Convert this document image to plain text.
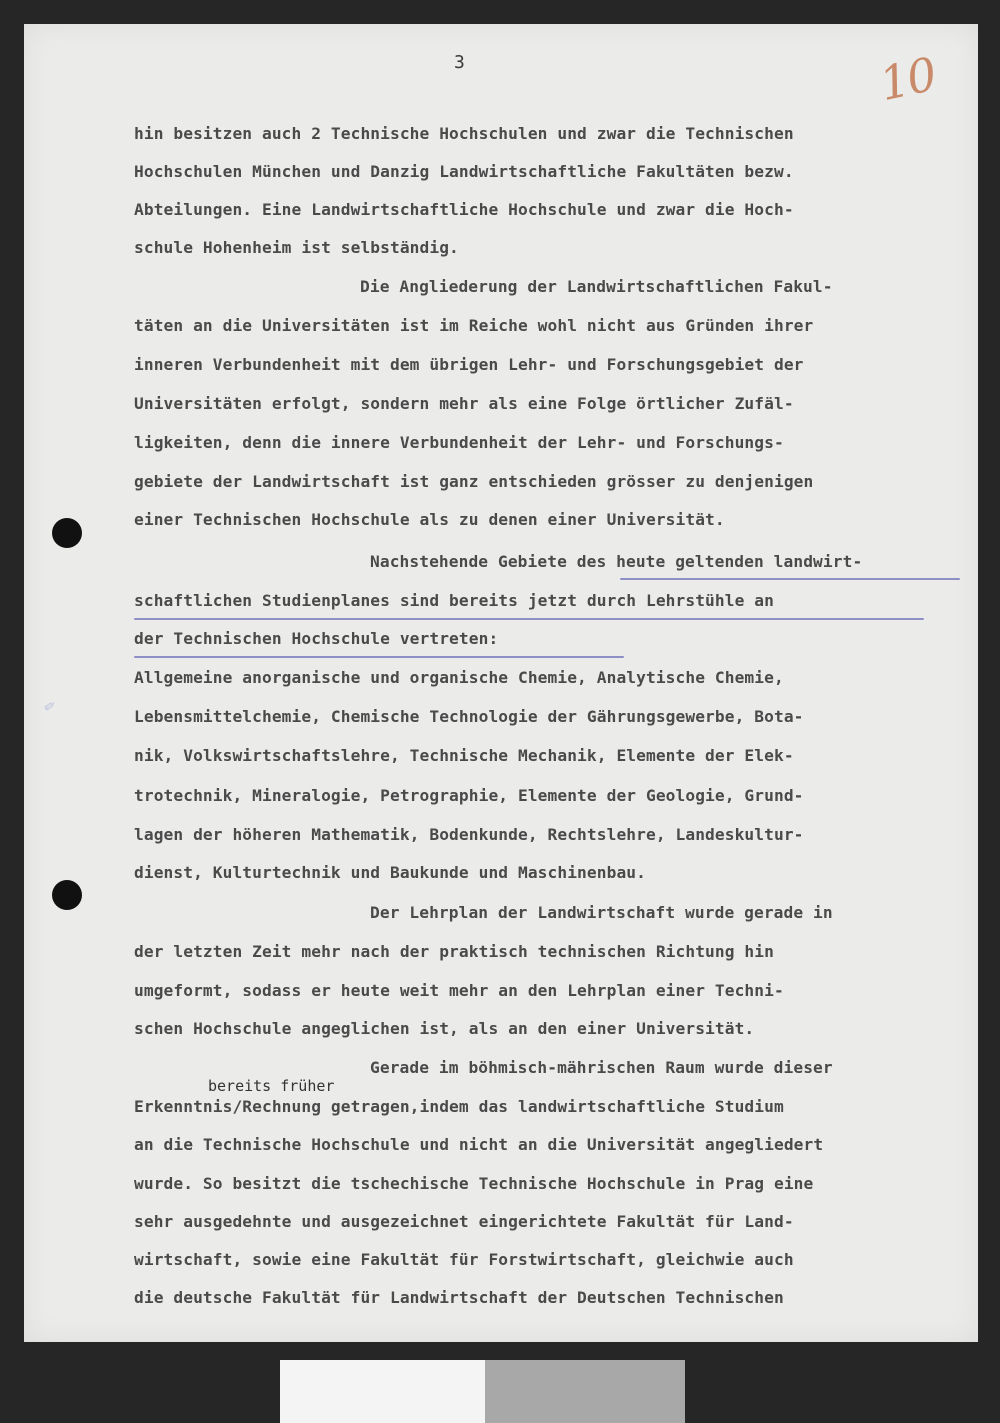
3	10
✎
hin besitzen auch 2 Technische Hochschulen und zwar die Technischen
Hochschulen München und Danzig Landwirtschaftliche Fakultäten bezw.
Abteilungen. Eine Landwirtschaftliche Hochschule und zwar die Hoch-
schule Hohenheim ist selbständig.
Die Angliederung der Landwirtschaftlichen Fakul-
täten an die Universitäten ist im Reiche wohl nicht aus Gründen ihrer
inneren Verbundenheit mit dem übrigen Lehr- und Forschungsgebiet der
Universitäten erfolgt, sondern mehr als eine Folge örtlicher Zufäl-
ligkeiten, denn die innere Verbundenheit der Lehr- und Forschungs-
gebiete der Landwirtschaft ist ganz entschieden grösser zu denjenigen
einer Technischen Hochschule als zu denen einer Universität.
Nachstehende Gebiete des heute geltenden landwirt-
schaftlichen Studienplanes sind bereits jetzt durch Lehrstühle an
der Technischen Hochschule vertreten:
Allgemeine anorganische und organische Chemie, Analytische Chemie,
Lebensmittelchemie, Chemische Technologie der Gährungsgewerbe, Bota-
nik, Volkswirtschaftslehre, Technische Mechanik, Elemente der Elek-
trotechnik, Mineralogie, Petrographie, Elemente der Geologie, Grund-
lagen der höheren Mathematik, Bodenkunde, Rechtslehre, Landeskultur-
dienst, Kulturtechnik und Baukunde und Maschinenbau.
Der Lehrplan der Landwirtschaft wurde gerade in
der letzten Zeit mehr nach der praktisch technischen Richtung hin
umgeformt, sodass er heute weit mehr an den Lehrplan einer Techni-
schen Hochschule angeglichen ist, als an den einer Universität.
Gerade im böhmisch-mährischen Raum wurde dieser
bereits früher
Erkenntnis/Rechnung getragen,indem das landwirtschaftliche Studium
an die Technische Hochschule und nicht an die Universität angegliedert
wurde. So besitzt die tschechische Technische Hochschule in Prag eine
sehr ausgedehnte und ausgezeichnet eingerichtete Fakultät für Land-
wirtschaft, sowie eine Fakultät für Forstwirtschaft, gleichwie auch
die deutsche Fakultät für Landwirtschaft der Deutschen Technischen
